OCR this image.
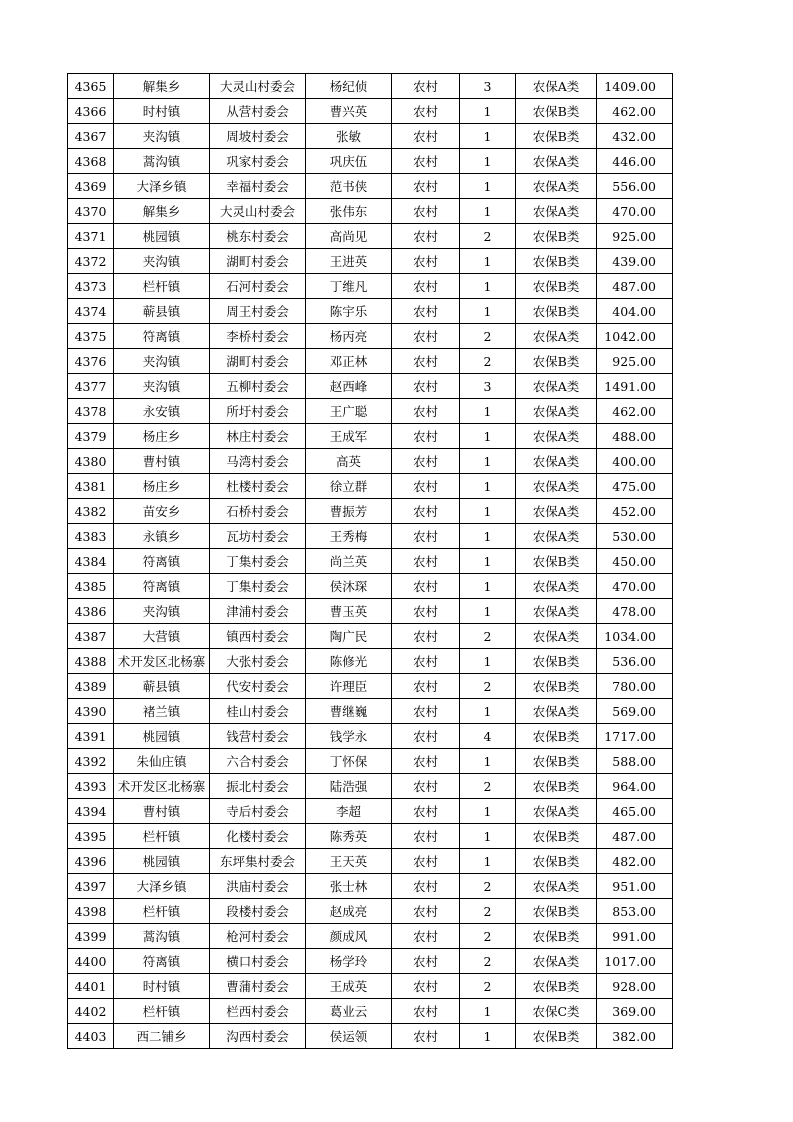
4365	解集乡	大灵山村委会	杨纪侦	农村	3	农保A类	1409.00
4366	时村镇	从营村委会	曹兴英	农村	1	农保B类	462.00
4367	夹沟镇	周坡村委会	张敏	农村	1	农保B类	432.00
4368	蒿沟镇	巩家村委会	巩庆伍	农村	1	农保A类	446.00
4369	大泽乡镇	幸福村委会	范书侠	农村	1	农保A类	556.00
4370	解集乡	大灵山村委会	张伟东	农村	1	农保A类	470.00
4371	桃园镇	桃东村委会	高尚见	农村	2	农保B类	925.00
4372	夹沟镇	湖町村委会	王进英	农村	1	农保B类	439.00
4373	栏杆镇	石河村委会	丁维凡	农村	1	农保B类	487.00
4374	蕲县镇	周王村委会	陈宇乐	农村	1	农保B类	404.00
4375	符离镇	李桥村委会	杨丙亮	农村	2	农保A类	1042.00
4376	夹沟镇	湖町村委会	邓正林	农村	2	农保B类	925.00
4377	夹沟镇	五柳村委会	赵西峰	农村	3	农保A类	1491.00
4378	永安镇	所圩村委会	王广聪	农村	1	农保A类	462.00
4379	杨庄乡	林庄村委会	王成军	农村	1	农保A类	488.00
4380	曹村镇	马湾村委会	高英	农村	1	农保A类	400.00
4381	杨庄乡	杜楼村委会	徐立群	农村	1	农保A类	475.00
4382	苗安乡	石桥村委会	曹振芳	农村	1	农保A类	452.00
4383	永镇乡	瓦坊村委会	王秀梅	农村	1	农保A类	530.00
4384	符离镇	丁集村委会	尚兰英	农村	1	农保B类	450.00
4385	符离镇	丁集村委会	侯沐琛	农村	1	农保A类	470.00
4386	夹沟镇	津浦村委会	曹玉英	农村	1	农保A类	478.00
4387	大营镇	镇西村委会	陶广民	农村	2	农保A类	1034.00
4388	术开发区北杨寨	大张村委会	陈修光	农村	1	农保B类	536.00
4389	蕲县镇	代安村委会	许理臣	农村	2	农保B类	780.00
4390	褚兰镇	桂山村委会	曹继巍	农村	1	农保A类	569.00
4391	桃园镇	钱营村委会	钱学永	农村	4	农保B类	1717.00
4392	朱仙庄镇	六合村委会	丁怀保	农村	1	农保B类	588.00
4393	术开发区北杨寨	振北村委会	陆浩强	农村	2	农保B类	964.00
4394	曹村镇	寺后村委会	李超	农村	1	农保A类	465.00
4395	栏杆镇	化楼村委会	陈秀英	农村	1	农保B类	487.00
4396	桃园镇	东坪集村委会	王天英	农村	1	农保B类	482.00
4397	大泽乡镇	洪庙村委会	张士林	农村	2	农保A类	951.00
4398	栏杆镇	段楼村委会	赵成亮	农村	2	农保B类	853.00
4399	蒿沟镇	枪河村委会	颜成风	农村	2	农保B类	991.00
4400	符离镇	横口村委会	杨学玲	农村	2	农保A类	1017.00
4401	时村镇	曹蒲村委会	王成英	农村	2	农保B类	928.00
4402	栏杆镇	栏西村委会	葛业云	农村	1	农保C类	369.00
4403	西二铺乡	沟西村委会	侯运领	农村	1	农保B类	382.00
